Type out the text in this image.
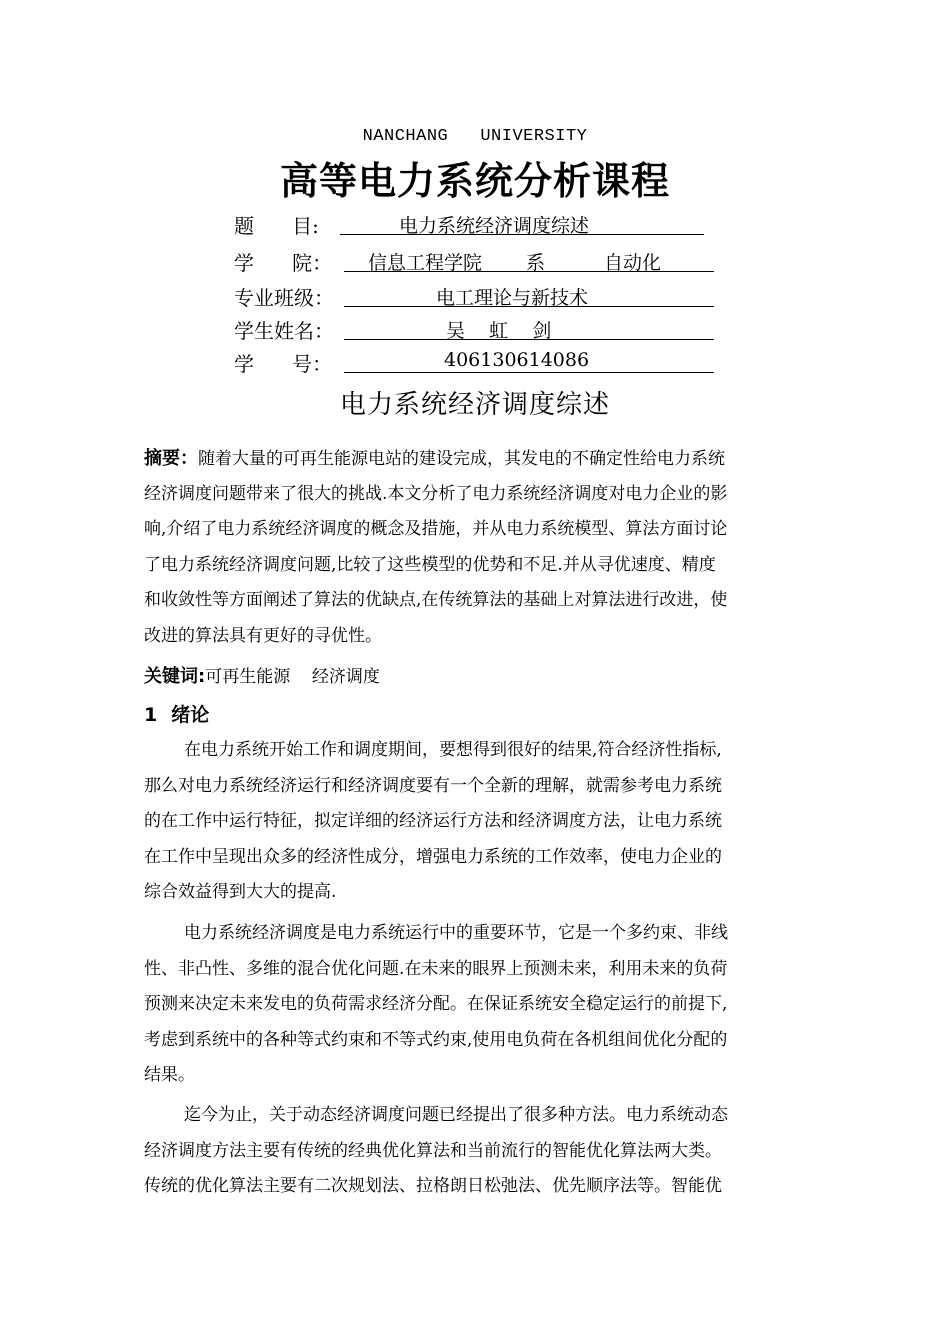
NANCHANG   UNIVERSITY
高等电力系统分析课程
题      目:	电力系统经济调度综述
学      院： 信息工程学院 系	自动化
专业班级：	电工理论与新技术
学生姓名：	吴    虹    剑
学      号：	406130614086
电力系统经济调度综述
摘要：随着大量的可再生能源电站的建设完成，其发电的不确定性给电力系统
经济调度问题带来了很大的挑战.本文分析了电力系统经济调度对电力企业的影
响,介绍了电力系统经济调度的概念及措施，并从电力系统模型、算法方面讨论
了电力系统经济调度问题,比较了这些模型的优势和不足.并从寻优速度、精度
和收敛性等方面阐述了算法的优缺点,在传统算法的基础上对算法进行改进，使
改进的算法具有更好的寻优性。
关键词:可再生能源    经济调度
1 绪论
在电力系统开始工作和调度期间，要想得到很好的结果,符合经济性指标,
那么对电力系统经济运行和经济调度要有一个全新的理解，就需参考电力系统
的在工作中运行特征，拟定详细的经济运行方法和经济调度方法，让电力系统
在工作中呈现出众多的经济性成分，增强电力系统的工作效率，使电力企业的
综合效益得到大大的提高.
电力系统经济调度是电力系统运行中的重要环节，它是一个多约束、非线
性、非凸性、多维的混合优化问题.在未来的眼界上预测未来，利用未来的负荷
预测来决定未来发电的负荷需求经济分配。在保证系统安全稳定运行的前提下,
考虑到系统中的各种等式约束和不等式约束,使用电负荷在各机组间优化分配的
结果。
迄今为止，关于动态经济调度问题已经提出了很多种方法。电力系统动态
经济调度方法主要有传统的经典优化算法和当前流行的智能优化算法两大类。
传统的优化算法主要有二次规划法、拉格朗日松弛法、优先顺序法等。智能优
